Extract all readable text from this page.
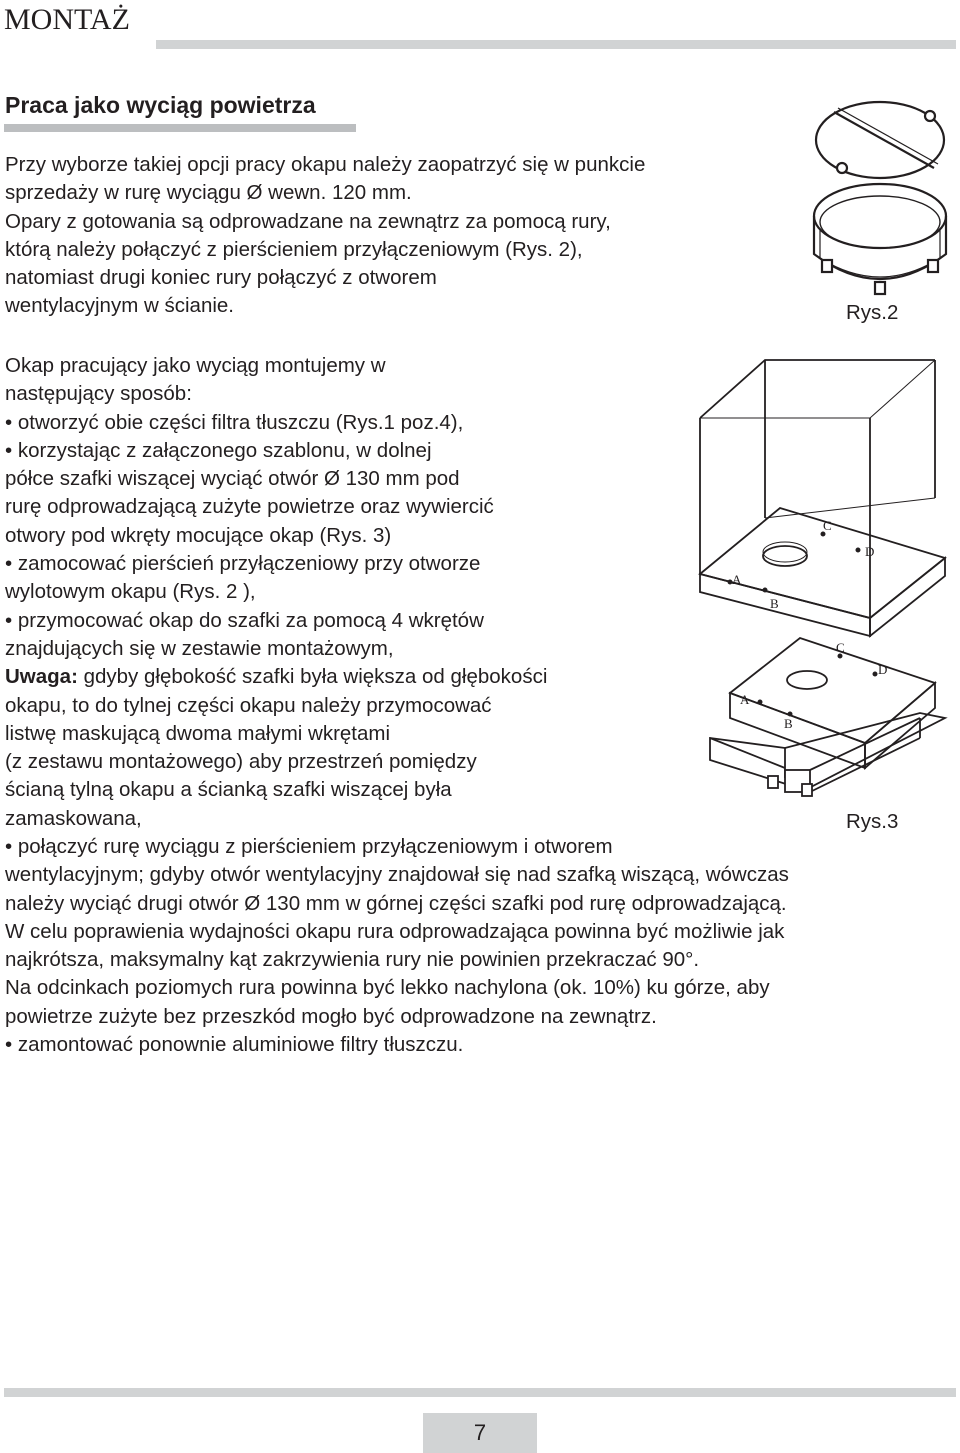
MONTAŻ
Praca jako wyciąg powietrza
Przy wyborze takiej opcji pracy okapu należy zaopatrzyć się w punkcie
sprzedaży w rurę wyciągu Ø wewn. 120 mm.
Opary z gotowania są odprowadzane na zewnątrz za pomocą rury,
którą należy połączyć z pierścieniem przyłączeniowym (Rys. 2),
natomiast drugi koniec rury połączyć z otworem
wentylacyjnym w ścianie.
Okap pracujący jako wyciąg montujemy w
następujący sposób:
• otworzyć obie części filtra tłuszczu (Rys.1 poz.4),
• korzystając z załączonego szablonu, w dolnej
półce szafki wiszącej wyciąć otwór Ø 130 mm pod
rurę odprowadzającą zużyte powietrze oraz wywiercić
otwory pod wkręty mocujące okap (Rys. 3)
• zamocować pierścień przyłączeniowy przy otworze
wylotowym okapu (Rys. 2 ),
• przymocować okap do szafki za pomocą 4 wkrętów
znajdujących się w zestawie montażowym,
Uwaga: gdyby głębokość szafki była większa od głębokości
okapu, to do tylnej części okapu należy przymocować
listwę maskującą dwoma małymi wkrętami
(z zestawu montażowego) aby przestrzeń pomiędzy
ścianą tylną okapu a ścianką szafki wiszącej była
zamaskowana,
• połączyć rurę wyciągu z pierścieniem przyłączeniowym i otworem
wentylacyjnym; gdyby otwór wentylacyjny znajdował się nad szafką wiszącą, wówczas
należy wyciąć drugi otwór Ø 130 mm w górnej części szafki pod rurę odprowadzającą.
W celu poprawienia wydajności okapu rura odprowadzająca powinna być możliwie jak
najkrótsza, maksymalny kąt zakrzywienia rury nie powinien przekraczać 90°.
Na odcinkach poziomych rura powinna być lekko nachylona (ok. 10%) ku górze, aby
powietrze zużyte bez przeszkód mogło być odprowadzone na zewnątrz.
• zamontować ponownie aluminiowe filtry tłuszczu.
Rys.2
A
B
C
D
A
B
C
D
Rys.3
7
